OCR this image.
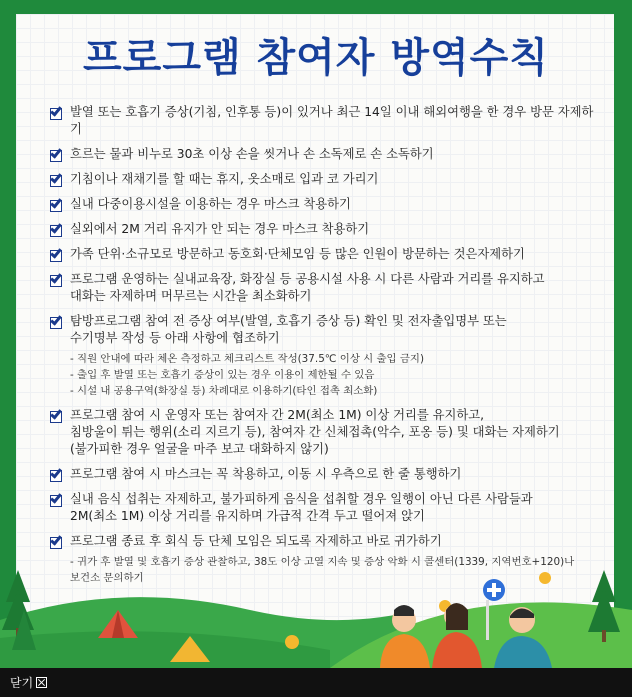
프로그램 참여자 방역수칙
발열 또는 호흡기 증상(기침, 인후통 등)이 있거나 최근 14일 이내 해외여행을 한 경우 방문 자제하기
흐르는 물과 비누로 30초 이상 손을 씻거나 손 소독제로 손 소독하기
기침이나 재채기를 할 때는 휴지, 옷소매로 입과 코 가리기
실내 다중이용시설을 이용하는 경우 마스크 착용하기
실외에서 2M 거리 유지가 안 되는 경우 마스크 착용하기
가족 단위·소규모로 방문하고 동호회·단체모임 등 많은 인원이 방문하는 것은자제하기
프로그램 운영하는 실내교육장, 화장실 등 공용시설 사용 시 다른 사람과 거리를 유지하고
대화는 자제하며 머무르는 시간을 최소화하기
탐방프로그램 참여 전 증상 여부(발열, 호흡기 증상 등) 확인 및 전자출입명부 또는
수기명부 작성 등 아래 사항에 협조하기
- 직원 안내에 따라 체온 측정하고 체크리스트 작성(37.5℃ 이상 시 출입 금지)
- 출입 후 발열 또는 호흡기 증상이 있는 경우 이용이 제한될 수 있음
- 시설 내 공용구역(화장실 등) 차례대로 이용하기(타인 접촉 최소화)
프로그램 참여 시 운영자 또는 참여자 간 2M(최소 1M) 이상 거리를 유지하고,
침방울이 튀는 행위(소리 지르기 등), 참여자 간 신체접촉(악수, 포옹 등) 및 대화는 자제하기
(불가피한 경우 얼굴을 마주 보고 대화하지 않기)
프로그램 참여 시 마스크는 꼭 착용하고, 이동 시 우측으로 한 줄 통행하기
실내 음식 섭취는 자제하고, 불가피하게 음식을 섭취할 경우 일행이 아닌 다른 사람들과
2M(최소 1M) 이상 거리를 유지하며 가급적 간격 두고 떨어져 앉기
프로그램 종료 후 회식 등 단체 모임은 되도록 자제하고 바로 귀가하기
- 귀가 후 발열 및 호흡기 증상 관찰하고, 38도 이상 고열 지속 및 증상 악화 시 콜센터(1339, 지역번호+120)나
보건소 문의하기
닫기
